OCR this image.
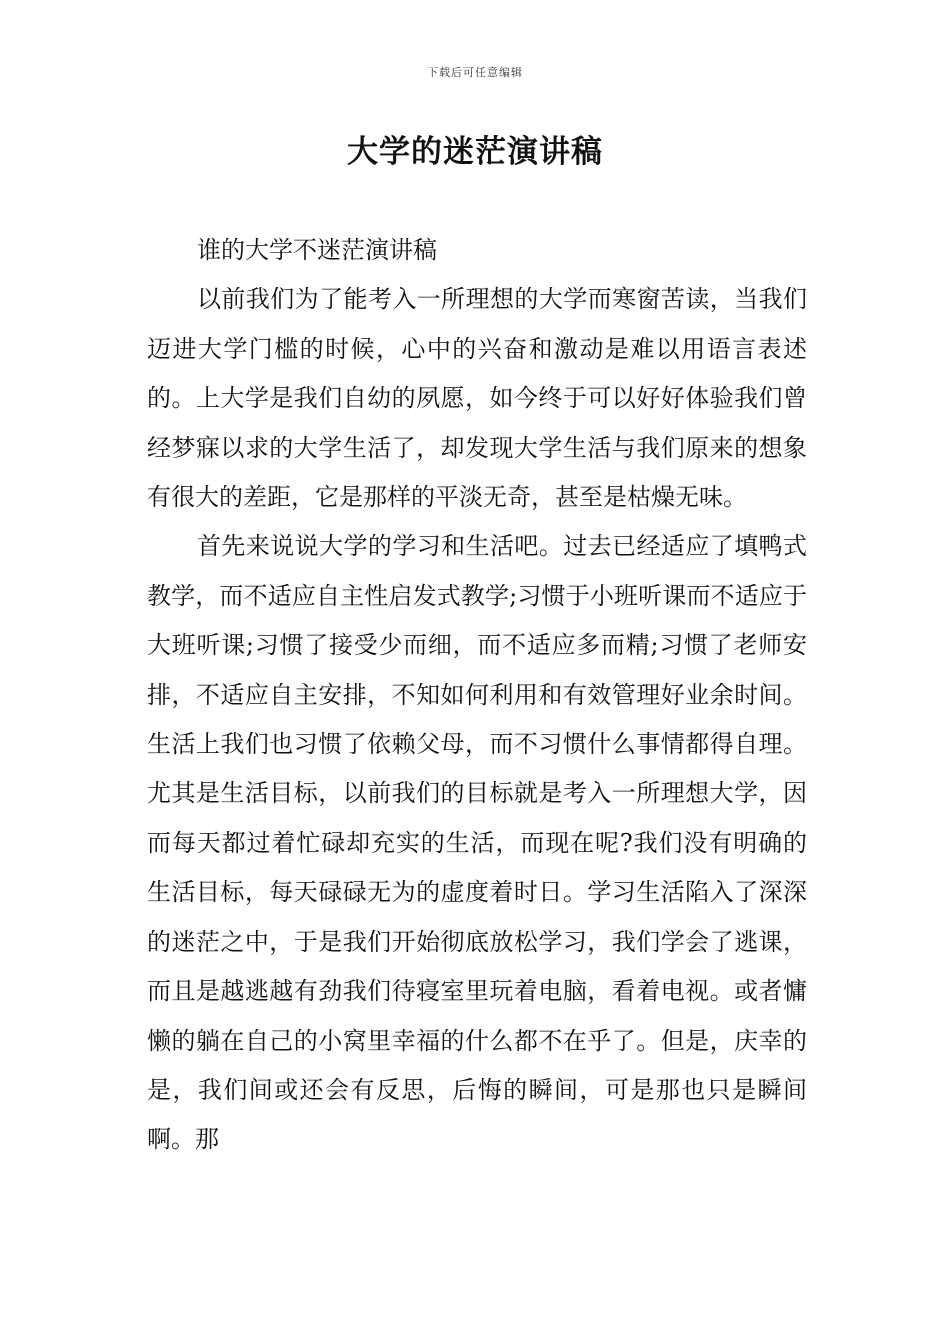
下载后可任意编辑
大学的迷茫演讲稿

谁的大学不迷茫演讲稿

以前我们为了能考入一所理想的大学而寒窗苦读，当我们迈进大学门槛的时候，心中的兴奋和激动是难以用语言表述的。上大学是我们自幼的夙愿，如今终于可以好好体验我们曾经梦寐以求的大学生活了，却发现大学生活与我们原来的想象有很大的差距，它是那样的平淡无奇，甚至是枯燥无味。

首先来说说大学的学习和生活吧。过去已经适应了填鸭式教学，而不适应自主性启发式教学;习惯于小班听课而不适应于大班听课;习惯了接受少而细，而不适应多而精;习惯了老师安排，不适应自主安排，不知如何利用和有效管理好业余时间。生活上我们也习惯了依赖父母，而不习惯什么事情都得自理。尤其是生活目标，以前我们的目标就是考入一所理想大学，因而每天都过着忙碌却充实的生活，而现在呢?我们没有明确的生活目标，每天碌碌无为的虚度着时日。学习生活陷入了深深的迷茫之中，于是我们开始彻底放松学习，我们学会了逃课，而且是越逃越有劲我们待寝室里玩着电脑，看着电视。或者慵懒的躺在自己的小窝里幸福的什么都不在乎了。但是，庆幸的是，我们间或还会有反思，后悔的瞬间，可是那也只是瞬间啊。那
